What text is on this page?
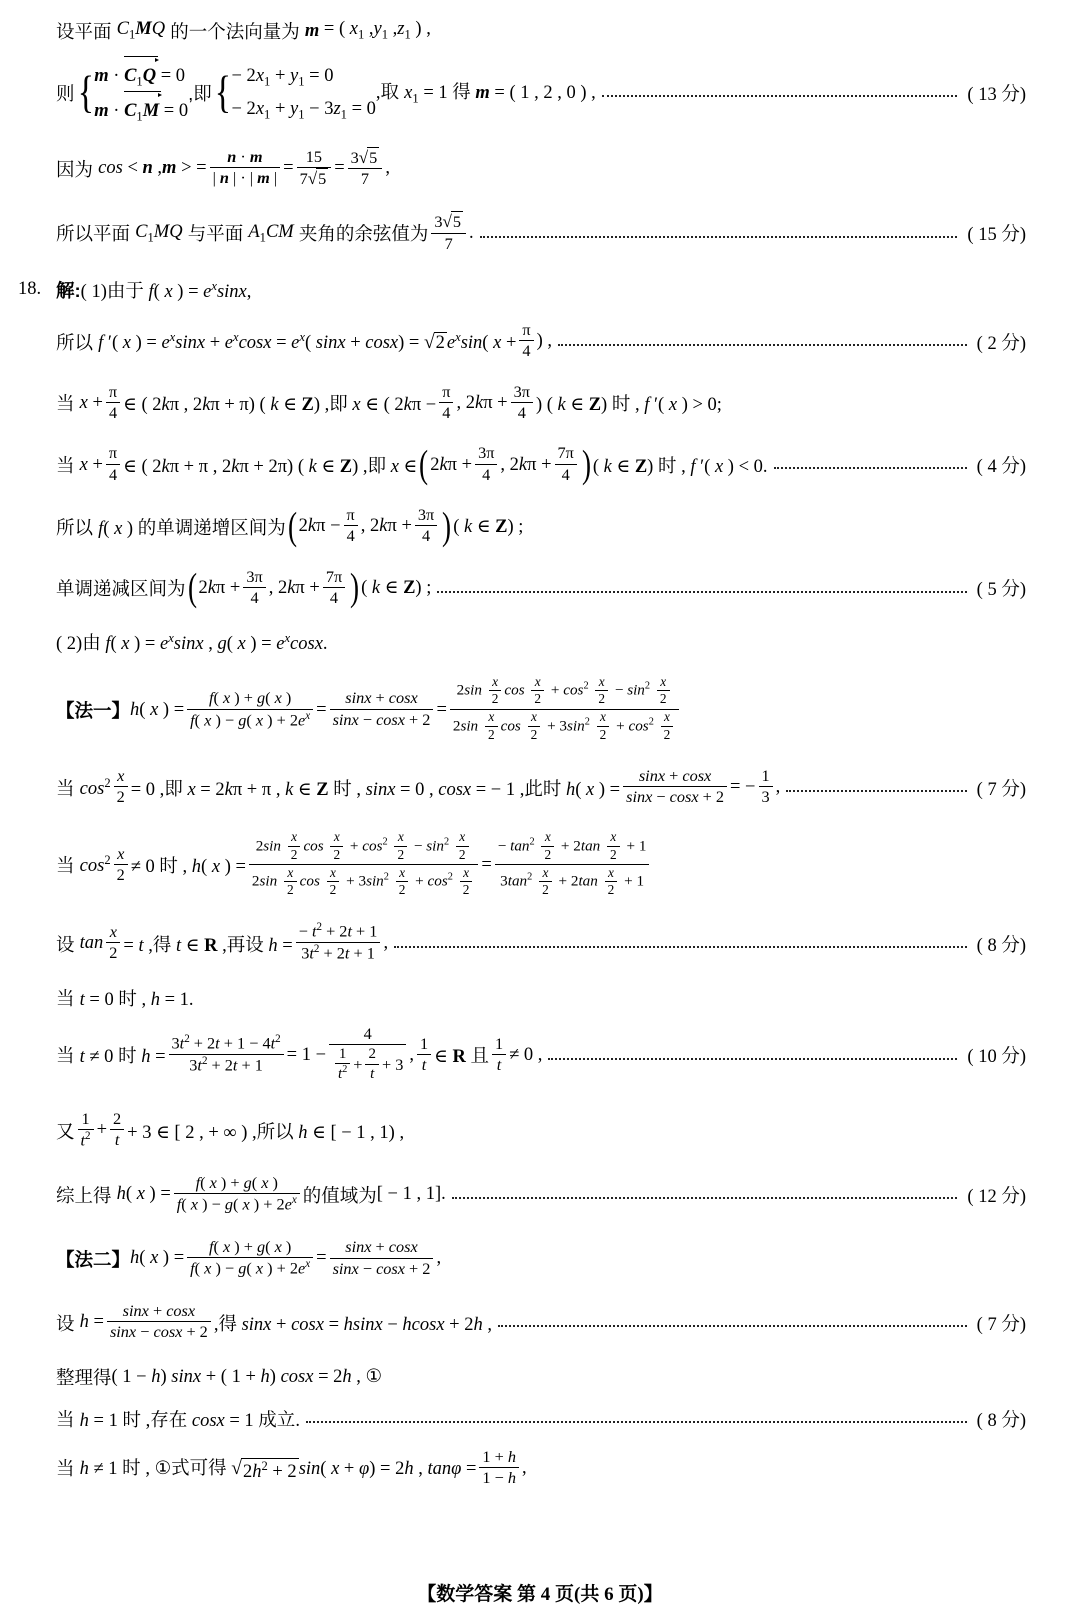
设平面 $C_1MQ$ 的一个法向量为 m = ( $x_1$ $,y_1$ $,z_1$ ) ,
则 { $m \cdot C_1Q = 0$
$m \cdot C_1M = 0$
,即 { − $2x_1 + y_1 = 0$
− $2x_1 + y_1 - 3z_1 = 0$
,取 $x_1 = 1$ 得 m = ( 1 , 2 , 0 ) ,	( 13 分)
因为 cos < n ,m > = $\frac{n \cdot m}{| n | \cdot | m |} = \frac{15}{7 √ 5} = \frac{3 √ 5}{7}$ ,
所以平面 $C_1MQ$ 与平面 $A_1CM$ 夹角的余弦值为 $\frac{3 √ 5}{7}$ .	( 15 分)
18. 解: ( 1)由于 f( x ) = $e^x\sin x$,
所以 f ′( x ) = $e^x\sin x + e^x\cos x = e^x$( sinx + cosx) = √ 2 $e^x\sin$( $x + \frac{\pi}{4}$ ) ,	( 2 分)
当 $x + \frac{\pi}{4}$ ∈ ( 2kπ , 2kπ + π) ( k ∈ Z) ,即 x ∈ ( $2k\pi - \frac{\pi}{4}$ , $2k\pi + \frac{3\pi}{4}$ ) ( k ∈ Z) 时 , f ′( x ) > 0;
当 $x + \frac{\pi}{4}$ ∈ ( 2kπ + π , 2kπ + 2π) ( k ∈ Z) ,即 x ∈ ( $2k\pi + \frac{3\pi}{4}$ , $2k\pi + \frac{7\pi}{4}$ ) ( k ∈ Z) 时 , f ′( x ) < 0.	( 4 分)
所以 f( x ) 的单调递增区间为 ( $2k\pi - \frac{\pi}{4}$ , $2k\pi + \frac{3\pi}{4}$ ) ( k ∈ Z) ;
单调递减区间为 ( $2k\pi + \frac{3\pi}{4}$ , $2k\pi + \frac{7\pi}{4}$ ) ( k ∈ Z) ;	( 5 分)
( 2)由 f( x ) = $e^x\sin x$ , g( x ) = $e^x\cos x$.
【法一】 h( x ) = $\frac{f( x ) + g( x )}{f( x ) - g( x ) + 2e^x} = \frac{\sin x + \cos x}{\sin x - \cos x + 2} = \frac{2\sin \frac{x}{2} \cos \frac{x}{2} + \cos^2 \frac{x}{2} - \sin^2 \frac{x}{2}}{2\sin \frac{x}{2} \cos \frac{x}{2} + 3\sin^2 \frac{x}{2} + \cos^2 \frac{x}{2}}$
当 $\cos^2 \frac{x}{2} = 0$ ,即 x = 2kπ + π , k ∈ Z 时 , sinx = 0 , cosx = − 1 ,此时 h( x ) = $\frac{\sin x + \cos x}{\sin x - \cos x + 2}$ = − $\frac{1}{3}$ ,	( 7 分)
当 $\cos^2 \frac{x}{2} \ne 0$ 时 , h( x ) = $\frac{2\sin \frac{x}{2} \cos \frac{x}{2} + \cos^2 \frac{x}{2} - \sin^2 \frac{x}{2}}{2\sin \frac{x}{2} \cos \frac{x}{2} + 3\sin^2 \frac{x}{2} + \cos^2 \frac{x}{2}} = \frac{- \tan^2 \frac{x}{2} + 2\tan \frac{x}{2} + 1}{3\tan^2 \frac{x}{2} + 2\tan \frac{x}{2} + 1}$
设 $\tan \frac{x}{2} = t$ ,得 t ∈ R ,再设 $h = \frac{- t^2 + 2t + 1}{3t^2 + 2t + 1}$ ,	( 8 分)
当 t = 0 时 , h = 1.
当 t ≠ 0 时 $h = \frac{3t^2 + 2t + 1 - 4t^2}{3t^2 + 2t + 1} = 1 - \frac{4}{\frac{1}{t^2} + \frac{2}{t} + 3}$ , $\frac{1}{t}$ ∈ R 且 $\frac{1}{t} \ne 0$ ,	( 10 分)
又 $\frac{1}{t^2} + \frac{2}{t} + 3$ ∈ [ 2 , + ∞ ) ,所以 h ∈ [ − 1 , 1) ,
综上得 h( x ) = $\frac{f( x ) + g( x )}{f( x ) - g( x ) + 2e^x}$ 的值域为 [ − 1 , 1].	( 12 分)
【法二】 h( x ) = $\frac{f( x ) + g( x )}{f( x ) - g( x ) + 2e^x} = \frac{\sin x + \cos x}{\sin x - \cos x + 2}$ ,
设 $h = \frac{\sin x + \cos x}{\sin x - \cos x + 2}$ ,得 sinx + cosx = hsinx − hcosx + 2h ,	( 7 分)
整理得 ( 1 − h) sinx + ( 1 + h) cosx = 2h , ①
当 h = 1 时 ,存在 cosx = 1 成立.	( 8 分)
当 h ≠ 1 时 , ①式可得 √ $2h^2 + 2$ sin( x + φ) = 2h , $\tan\varphi = \frac{1 + h}{1 - h}$ ,
【数学答案 第 4 页(共 6 页)】
